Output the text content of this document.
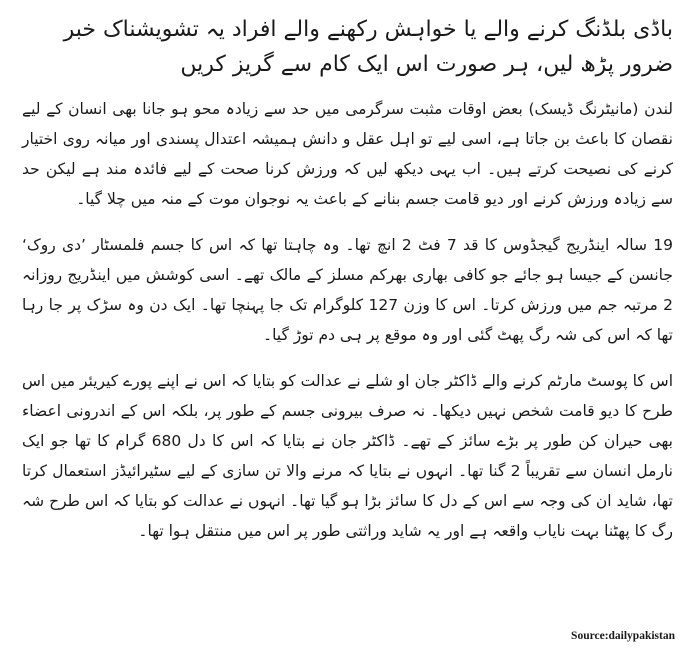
باڈی بلڈنگ کرنے والے یا خواہش رکھنے والے افراد یہ تشویشناک خبر ضرور پڑھ لیں، ہر صورت اس ایک کام سے گریز کریں

لندن (مانیٹرنگ ڈیسک) بعض اوقات مثبت سرگرمی میں حد سے زیادہ محو ہو جانا بھی انسان کے لیے نقصان کا باعث بن جاتا ہے، اسی لیے تو اہل عقل و دانش ہمیشہ اعتدال پسندی اور میانہ روی اختیار کرنے کی نصیحت کرتے ہیں۔ اب یہی دیکھ لیں کہ ورزش کرنا صحت کے لیے فائدہ مند ہے لیکن حد سے زیادہ ورزش کرنے اور دیو قامت جسم بنانے کے باعث یہ نوجوان موت کے منہ میں چلا گیا۔

19 سالہ اینڈریج گیجڈوس کا قد 7 فٹ 2 انچ تھا۔ وہ چاہتا تھا کہ اس کا جسم فلمسٹار ’دی روک‘ جانسن کے جیسا ہو جائے جو کافی بھاری بھرکم مسلز کے مالک تھے۔ اسی کوشش میں اینڈریج روزانہ 2 مرتبہ جم میں ورزش کرتا۔ اس کا وزن 127 کلوگرام تک جا پہنچا تھا۔ ایک دن وہ سڑک پر جا رہا تھا کہ اس کی شہ رگ پھٹ گئی اور وہ موقع پر ہی دم توڑ گیا۔

اس کا پوسٹ مارٹم کرنے والے ڈاکٹر جان او شلے نے عدالت کو بتایا کہ اس نے اپنے پورے کیریئر میں اس طرح کا دیو قامت شخص نہیں دیکھا۔ نہ صرف بیرونی جسم کے طور پر، بلکہ اس کے اندرونی اعضاء بھی حیران کن طور پر بڑے سائز کے تھے۔ ڈاکٹر جان نے بتایا کہ اس کا دل 680 گرام کا تھا جو ایک نارمل انسان سے تقریباً 2 گنا تھا۔ انہوں نے بتایا کہ مرنے والا تن سازی کے لیے سٹیرائیڈز استعمال کرتا تھا، شاید ان کی وجہ سے اس کے دل کا سائز بڑا ہو گیا تھا۔ انہوں نے عدالت کو بتایا کہ اس طرح شہ رگ کا پھٹنا بہت نایاب واقعہ ہے اور یہ شاید وراثتی طور پر اس میں منتقل ہوا تھا۔

Source:dailypakistan
